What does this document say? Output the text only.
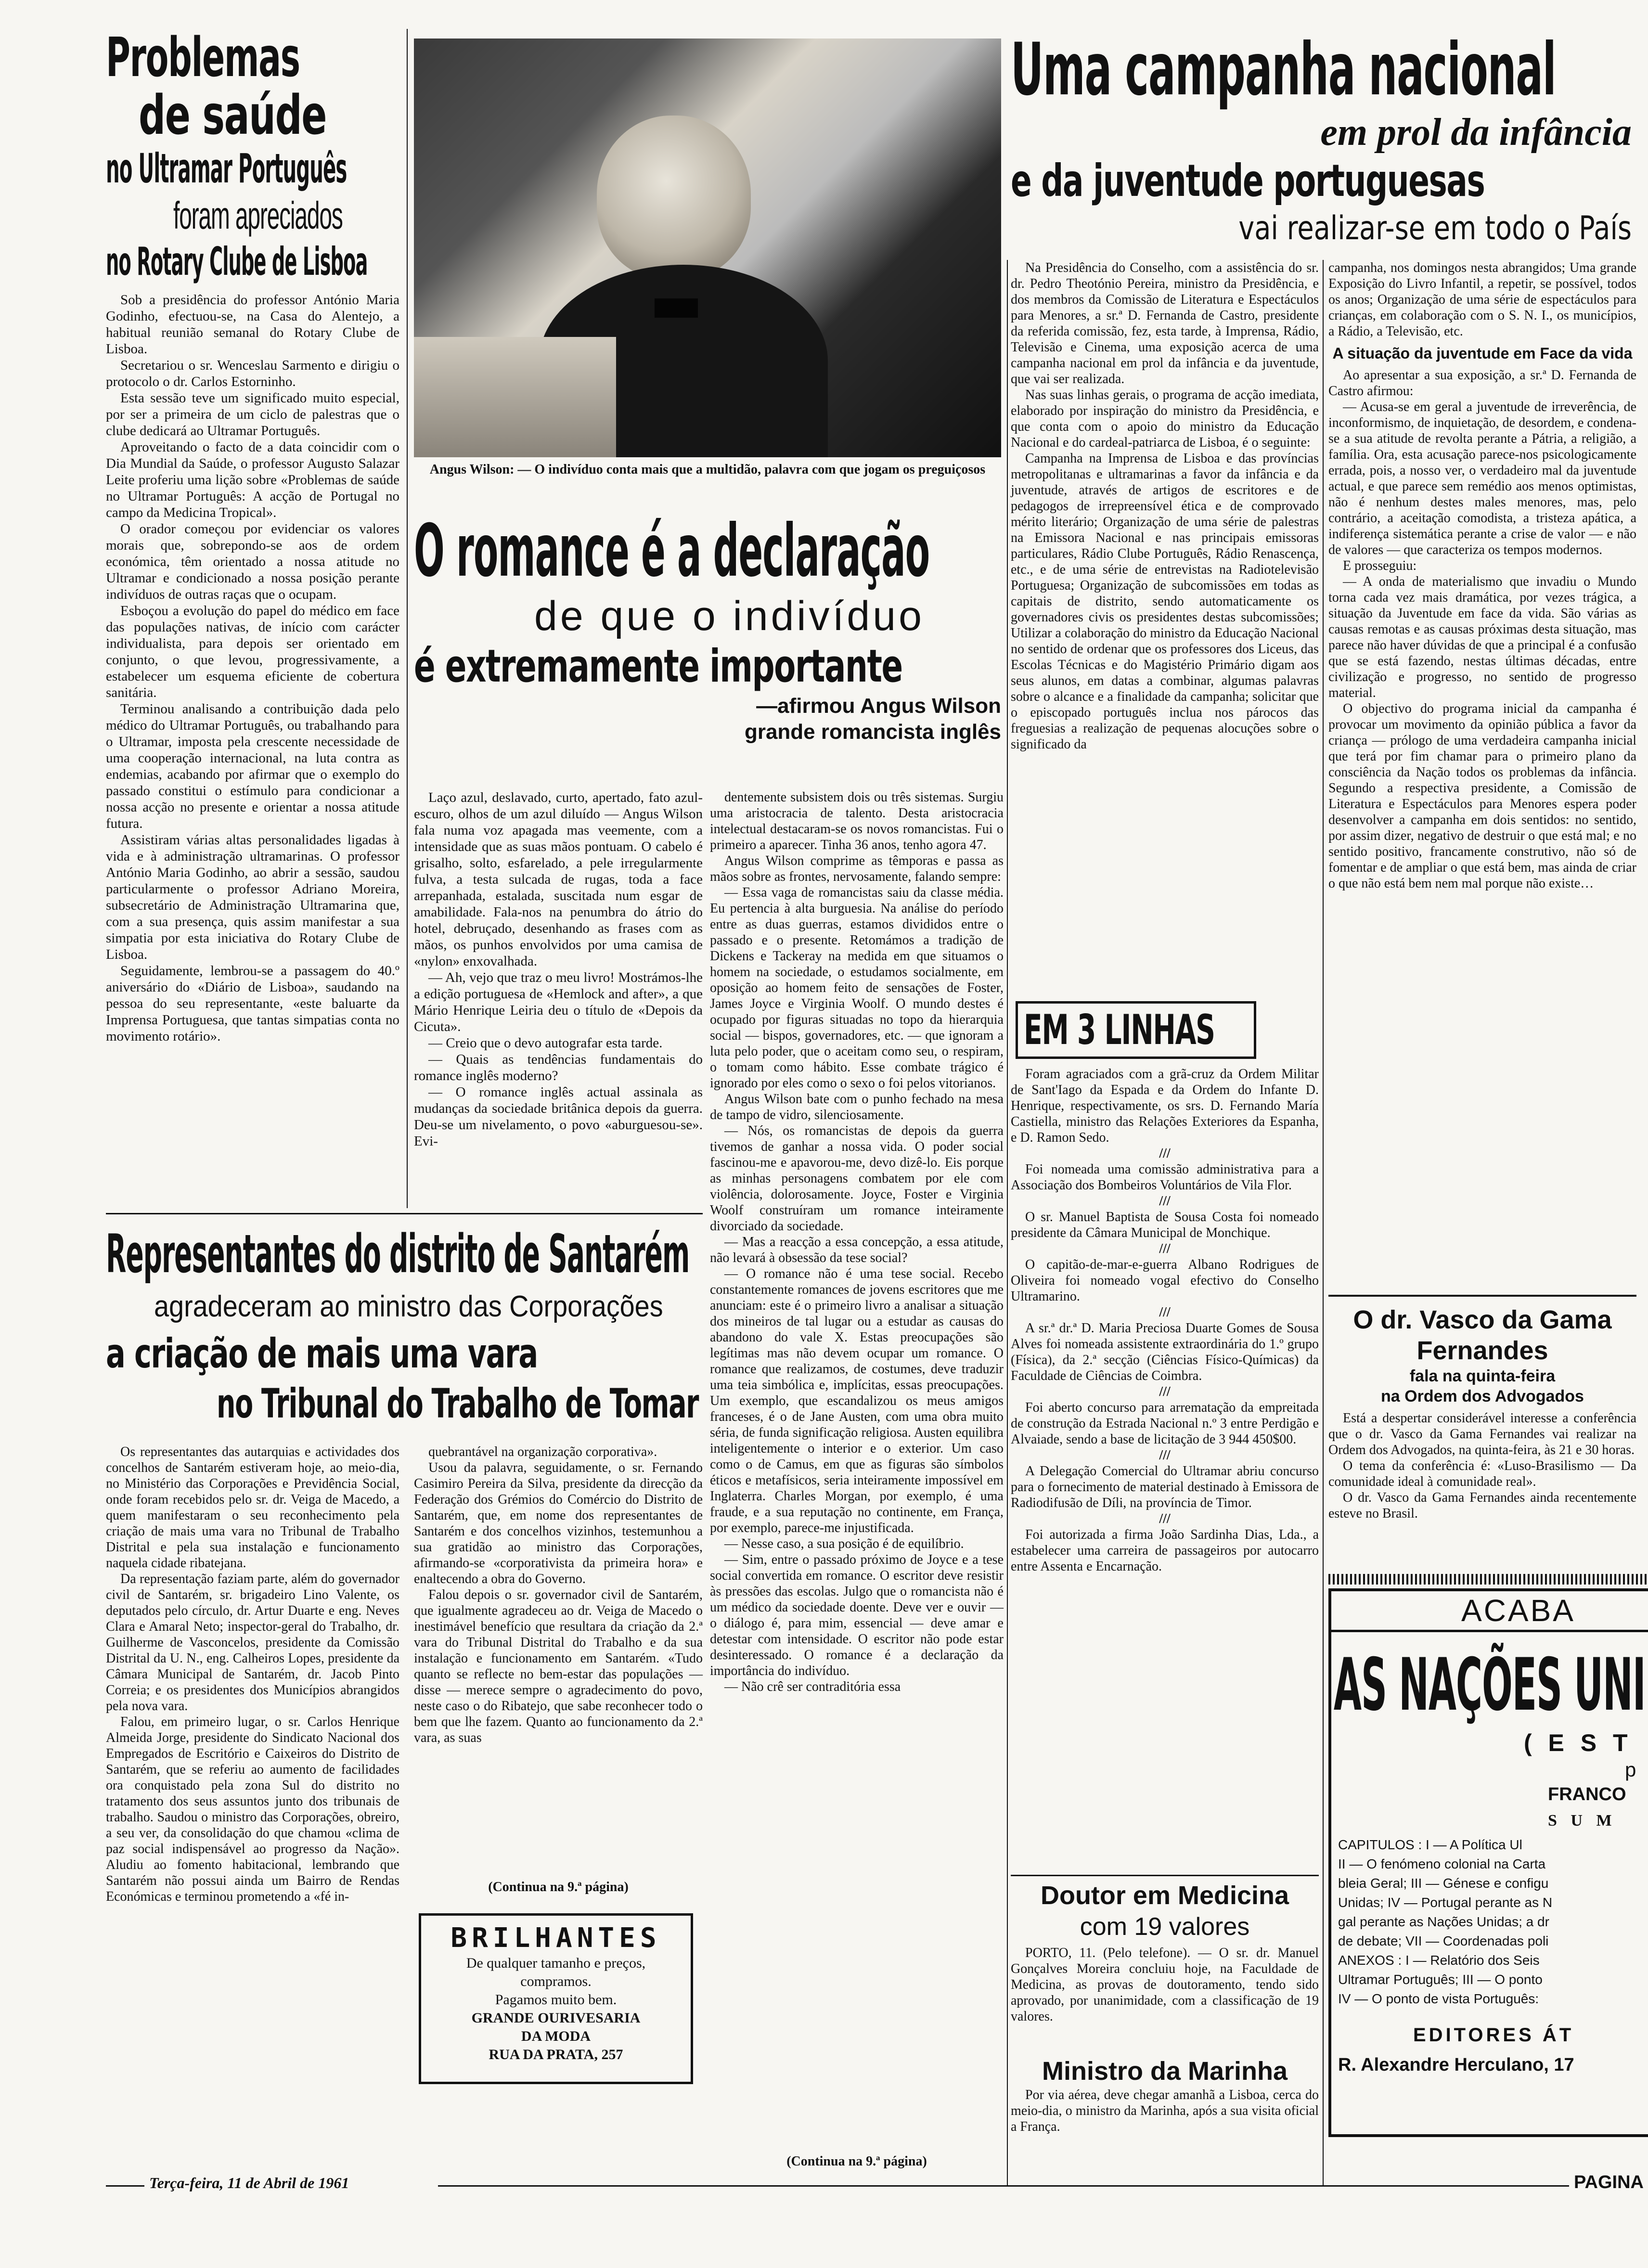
Problemas
de saúde
no Ultramar Português
foram apreciados
no Rotary Clube de Lisboa

Sob a presidência do professor António Maria Godinho, efectuou-se, na Casa do Alentejo, a habitual reunião semanal do Rotary Clube de Lisboa.

Secretariou o sr. Wenceslau Sarmento e dirigiu o protocolo o dr. Carlos Estorninho.

Esta sessão teve um significado muito especial, por ser a primeira de um ciclo de palestras que o clube dedicará ao Ultramar Português.

Aproveitando o facto de a data coincidir com o Dia Mundial da Saúde, o professor Augusto Salazar Leite proferiu uma lição sobre «Problemas de saúde no Ultramar Português: A acção de Portugal no campo da Medicina Tropical».

O orador começou por evidenciar os valores morais que, sobrepondo-se aos de ordem económica, têm orientado a nossa atitude no Ultramar e condicionado a nossa posição perante indivíduos de outras raças que o ocupam.

Esboçou a evolução do papel do médico em face das populações nativas, de início com carácter individualista, para depois ser orientado em conjunto, o que levou, progressivamente, a estabelecer um esquema eficiente de cobertura sanitária.

Terminou analisando a contribuição dada pelo médico do Ultramar Português, ou trabalhando para o Ultramar, imposta pela crescente necessidade de uma cooperação internacional, na luta contra as endemias, acabando por afirmar que o exemplo do passado constitui o estímulo para condicionar a nossa acção no presente e orientar a nossa atitude futura.

Assistiram várias altas personalidades ligadas à vida e à administração ultramarinas. O professor António Maria Godinho, ao abrir a sessão, saudou particularmente o professor Adriano Moreira, subsecretário de Administração Ultramarina que, com a sua presença, quis assim manifestar a sua simpatia por esta iniciativa do Rotary Clube de Lisboa.

Seguidamente, lembrou-se a passagem do 40.º aniversário do «Diário de Lisboa», saudando na pessoa do seu representante, «este baluarte da Imprensa Portuguesa, que tantas simpatias conta no movimento rotário».

Angus Wilson: — O indivíduo conta mais que a multidão, palavra com que jogam os preguiçosos
O romance é a declaração
de que o indivíduo
é extremamente importante
—afirmou Angus Wilson
grande romancista inglês

Laço azul, deslavado, curto, apertado, fato azul-escuro, olhos de um azul diluído — Angus Wilson fala numa voz apagada mas veemente, com a intensidade que as suas mãos pontuam. O cabelo é grisalho, solto, esfarelado, a pele irregularmente fulva, a testa sulcada de rugas, toda a face arrepanhada, estalada, suscitada num esgar de amabilidade. Fala-nos na penumbra do átrio do hotel, debruçado, desenhando as frases com as mãos, os punhos envolvidos por uma camisa de «nylon» enxovalhada.

— Ah, vejo que traz o meu livro! Mostrámos-lhe a edição portuguesa de «Hemlock and after», a que Mário Henrique Leiria deu o título de «Depois da Cicuta».

— Creio que o devo autografar esta tarde.

— Quais as tendências fundamentais do romance inglês moderno?

— O romance inglês actual assinala as mudanças da sociedade britânica depois da guerra. Deu-se um nivelamento, o povo «aburguesou-se». Evi-

dentemente subsistem dois ou três sistemas. Surgiu uma aristocracia de talento. Desta aristocracia intelectual destacaram-se os novos romancistas. Fui o primeiro a aparecer. Tinha 36 anos, tenho agora 47.

Angus Wilson comprime as têmporas e passa as mãos sobre as frontes, nervosamente, falando sempre:

— Essa vaga de romancistas saiu da classe média. Eu pertencia à alta burguesia. Na análise do período entre as duas guerras, estamos divididos entre o passado e o presente. Retomámos a tradição de Dickens e Tackeray na medida em que situamos o homem na sociedade, o estudamos socialmente, em oposição ao homem feito de sensações de Foster, James Joyce e Virginia Woolf. O mundo destes é ocupado por figuras situadas no topo da hierarquia social — bispos, governadores, etc. — que ignoram a luta pelo poder, que o aceitam como seu, o respiram, o tomam como hábito. Esse combate trágico é ignorado por eles como o sexo o foi pelos vitorianos.

Angus Wilson bate com o punho fechado na mesa de tampo de vidro, silenciosamente.

— Nós, os romancistas de depois da guerra tivemos de ganhar a nossa vida. O poder social fascinou-me e apavorou-me, devo dizê-lo. Eis porque as minhas personagens combatem por ele com violência, dolorosamente. Joyce, Foster e Virginia Woolf construíram um romance inteiramente divorciado da sociedade.

— Mas a reacção a essa concepção, a essa atitude, não levará à obsessão da tese social?

— O romance não é uma tese social. Recebo constantemente romances de jovens escritores que me anunciam: este é o primeiro livro a analisar a situação dos mineiros de tal lugar ou a estudar as causas do abandono do vale X. Estas preocupações são legítimas mas não devem ocupar um romance. O romance que realizamos, de costumes, deve traduzir uma teia simbólica e, implícitas, essas preocupações. Um exemplo, que escandalizou os meus amigos franceses, é o de Jane Austen, com uma obra muito séria, de funda significação religiosa. Austen equilibra inteligentemente o interior e o exterior. Um caso como o de Camus, em que as figuras são símbolos éticos e metafísicos, seria inteiramente impossível em Inglaterra. Charles Morgan, por exemplo, é uma fraude, e a sua reputação no continente, em França, por exemplo, parece-me injustificada.

— Nesse caso, a sua posição é de equilíbrio.

— Sim, entre o passado próximo de Joyce e a tese social convertida em romance. O escritor deve resistir às pressões das escolas. Julgo que o romancista não é um médico da sociedade doente. Deve ver e ouvir — o diálogo é, para mim, essencial — deve amar e detestar com intensidade. O escritor não pode estar desinteressado. O romance é a declaração da importância do indivíduo.

— Não crê ser contraditória essa

(Continua na 9.ª página)
Representantes do distrito de Santarém
agradeceram ao ministro das Corporações
a criação de mais uma vara
no Tribunal do Trabalho de Tomar

Os representantes das autarquias e actividades dos concelhos de Santarém estiveram hoje, ao meio-dia, no Ministério das Corporações e Previdência Social, onde foram recebidos pelo sr. dr. Veiga de Macedo, a quem manifestaram o seu reconhecimento pela criação de mais uma vara no Tribunal de Trabalho Distrital e pela sua instalação e funcionamento naquela cidade ribatejana.

Da representação faziam parte, além do governador civil de Santarém, sr. brigadeiro Lino Valente, os deputados pelo círculo, dr. Artur Duarte e eng. Neves Clara e Amaral Neto; inspector-geral do Trabalho, dr. Guilherme de Vasconcelos, presidente da Comissão Distrital da U. N., eng. Calheiros Lopes, presidente da Câmara Municipal de Santarém, dr. Jacob Pinto Correia; e os presidentes dos Municípios abrangidos pela nova vara.

Falou, em primeiro lugar, o sr. Carlos Henrique Almeida Jorge, presidente do Sindicato Nacional dos Empregados de Escritório e Caixeiros do Distrito de Santarém, que se referiu ao aumento de facilidades ora conquistado pela zona Sul do distrito no tratamento dos seus assuntos junto dos tribunais de trabalho. Saudou o ministro das Corporações, obreiro, a seu ver, da consolidação do que chamou «clima de paz social indispensável ao progresso da Nação». Aludiu ao fomento habitacional, lembrando que Santarém não possui ainda um Bairro de Rendas Económicas e terminou prometendo a «fé in-

quebrantável na organização corporativa».

Usou da palavra, seguidamente, o sr. Fernando Casimiro Pereira da Silva, presidente da direcção da Federação dos Grémios do Comércio do Distrito de Santarém, que, em nome dos representantes de Santarém e dos concelhos vizinhos, testemunhou a sua gratidão ao ministro das Corporações, afirmando-se «corporativista da primeira hora» e enaltecendo a obra do Governo.

Falou depois o sr. governador civil de Santarém, que igualmente agradeceu ao dr. Veiga de Macedo o inestimável benefício que resultara da criação da 2.ª vara do Tribunal Distrital do Trabalho e da sua instalação e funcionamento em Santarém. «Tudo quanto se reflecte no bem-estar das populações — disse — merece sempre o agradecimento do povo, neste caso o do Ribatejo, que sabe reconhecer todo o bem que lhe fazem. Quanto ao funcionamento da 2.ª vara, as suas

(Continua na 9.ª página)
BRILHANTES
De qualquer tamanho e preços,
compramos.
Pagamos muito bem.
GRANDE OURIVESARIA
DA MODA
RUA DA PRATA, 257
Uma campanha nacional
em prol da infância
e da juventude portuguesas
vai realizar-se em todo o País

Na Presidência do Conselho, com a assistência do sr. dr. Pedro Theotónio Pereira, ministro da Presidência, e dos membros da Comissão de Literatura e Espectáculos para Menores, a sr.ª D. Fernanda de Castro, presidente da referida comissão, fez, esta tarde, à Imprensa, Rádio, Televisão e Cinema, uma exposição acerca de uma campanha nacional em prol da infância e da juventude, que vai ser realizada.

Nas suas linhas gerais, o programa de acção imediata, elaborado por inspiração do ministro da Presidência, e que conta com o apoio do ministro da Educação Nacional e do cardeal-patriarca de Lisboa, é o seguinte:

Campanha na Imprensa de Lisboa e das províncias metropolitanas e ultramarinas a favor da infância e da juventude, através de artigos de escritores e de pedagogos de irrepreensível ética e de comprovado mérito literário; Organização de uma série de palestras na Emissora Nacional e nas principais emissoras particulares, Rádio Clube Português, Rádio Renascença, etc., e de uma série de entrevistas na Radiotelevisão Portuguesa; Organização de subcomissões em todas as capitais de distrito, sendo automaticamente os governadores civis os presidentes destas subcomissões; Utilizar a colaboração do ministro da Educação Nacional no sentido de ordenar que os professores dos Liceus, das Escolas Técnicas e do Magistério Primário digam aos seus alunos, em datas a combinar, algumas palavras sobre o alcance e a finalidade da campanha; solicitar que o episcopado português inclua nos párocos das freguesias a realização de pequenas alocuções sobre o significado da

campanha, nos domingos nesta abrangidos; Uma grande Exposição do Livro Infantil, a repetir, se possível, todos os anos; Organização de uma série de espectáculos para crianças, em colaboração com o S. N. I., os municípios, a Rádio, a Televisão, etc.

A situação da juventude em Face da vida

Ao apresentar a sua exposição, a sr.ª D. Fernanda de Castro afirmou:

— Acusa-se em geral a juventude de irreverência, de inconformismo, de inquietação, de desordem, e condena-se a sua atitude de revolta perante a Pátria, a religião, a família. Ora, esta acusação parece-nos psicologicamente errada, pois, a nosso ver, o verdadeiro mal da juventude actual, e que parece sem remédio aos menos optimistas, não é nenhum destes males menores, mas, pelo contrário, a aceitação comodista, a tristeza apática, a indiferença sistemática perante a crise de valor — e não de valores — que caracteriza os tempos modernos.

E prosseguiu:

— A onda de materialismo que invadiu o Mundo torna cada vez mais dramática, por vezes trágica, a situação da Juventude em face da vida. São várias as causas remotas e as causas próximas desta situação, mas parece não haver dúvidas de que a principal é a confusão que se está fazendo, nestas últimas décadas, entre civilização e progresso, no sentido de progresso material.

O objectivo do programa inicial da campanha é provocar um movimento da opinião pública a favor da criança — prólogo de uma verdadeira campanha inicial que terá por fim chamar para o primeiro plano da consciência da Nação todos os problemas da infância. Segundo a respectiva presidente, a Comissão de Literatura e Espectáculos para Menores espera poder desenvolver a campanha em dois sentidos: no sentido, por assim dizer, negativo de destruir o que está mal; e no sentido positivo, francamente construtivo, não só de fomentar e de ampliar o que está bem, mas ainda de criar o que não está bem nem mal porque não existe…

EM 3 LINHAS

Foram agraciados com a grã-cruz da Ordem Militar de Sant'Iago da Espada e da Ordem do Infante D. Henrique, respectivamente, os srs. D. Fernando María Castiella, ministro das Relações Exteriores da Espanha, e D. Ramon Sedo.

///

Foi nomeada uma comissão administrativa para a Associação dos Bombeiros Voluntários de Vila Flor.

///

O sr. Manuel Baptista de Sousa Costa foi nomeado presidente da Câmara Municipal de Monchique.

///

O capitão-de-mar-e-guerra Albano Rodrigues de Oliveira foi nomeado vogal efectivo do Conselho Ultramarino.

///

A sr.ª dr.ª D. Maria Preciosa Duarte Gomes de Sousa Alves foi nomeada assistente extraordinária do 1.º grupo (Física), da 2.ª secção (Ciências Físico-Químicas) da Faculdade de Ciências de Coimbra.

///

Foi aberto concurso para arrematação da empreitada de construção da Estrada Nacional n.º 3 entre Perdigão e Alvaiade, sendo a base de licitação de 3 944 450$00.

///

A Delegação Comercial do Ultramar abriu concurso para o fornecimento de material destinado à Emissora de Radiodifusão de Díli, na província de Timor.

///

Foi autorizada a firma João Sardinha Dias, Lda., a estabelecer uma carreira de passageiros por autocarro entre Assenta e Encarnação.

Doutor em Medicina
com 19 valores
PORTO, 11. (Pelo telefone). — O sr. dr. Manuel Gonçalves Moreira concluiu hoje, na Faculdade de Medicina, as provas de doutoramento, tendo sido aprovado, por unanimidade, com a classificação de 19 valores.
Ministro da Marinha
Por via aérea, deve chegar amanhã a Lisboa, cerca do meio-dia, o ministro da Marinha, após a sua visita oficial a França.
O dr. Vasco da Gama
Fernandes
fala na quinta-feira
na Ordem dos Advogados

Está a despertar considerável interesse a conferência que o dr. Vasco da Gama Fernandes vai realizar na Ordem dos Advogados, na quinta-feira, às 21 e 30 horas.

O tema da conferência é: «Luso-Brasilismo — Da comunidade ideal à comunidade real».

O dr. Vasco da Gama Fernandes ainda recentemente esteve no Brasil.

ACABA
AS NAÇÕES UNI
( E S T
p
FRANCO
S U M
CAPITULOS : I — A Política Ul
II — O fenómeno colonial na Carta
bleia Geral; III — Génese e configu
Unidas; IV — Portugal perante as N
gal perante as Nações Unidas; a dr
de debate; VII — Coordenadas poli
ANEXOS : I — Relatório dos Seis
Ultramar Português; III — O ponto
IV — O ponto de vista Português:
EDITORES ÁT
R. Alexandre Herculano, 17
Terça-feira, 11 de Abril de 1961	PAGINA
